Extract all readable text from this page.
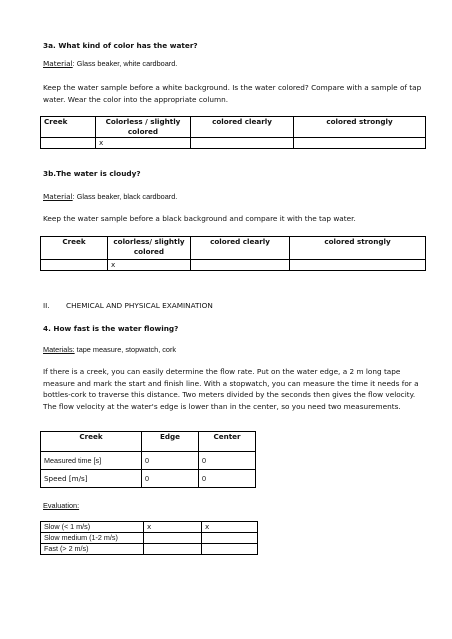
3a. What kind of color has the water?
Material: Glass beaker, white cardboard.
Keep the water sample before a white background. Is the water colored? Compare with a sample of tap water. Wear the color into the appropriate column.
Creek	Colorless / slightly colored	colored clearly	colored strongly
	x		
3b.The water is cloudy?
Material: Glass beaker, black cardboard.
Keep the water sample before a black background and compare it with the tap water.
Creek	colorless/ slightly colored	colored clearly	colored strongly
	x		
II. CHEMICAL AND PHYSICAL EXAMINATION
4. How fast is the water flowing?
Materials: tape measure, stopwatch, cork
If there is a creek, you can easily determine the flow rate. Put on the water edge, a 2 m long tape measure and mark the start and finish line. With a stopwatch, you can measure the time it needs for a bottles-cork to traverse this distance. Two meters divided by the seconds then gives the flow velocity. The flow velocity at the water's edge is lower than in the center, so you need two measurements.
Creek	Edge	Center
Measured time [s]	0	0
Speed [m/s]	0	0
Evaluation:
Slow (< 1 m/s)	x	x
Slow medium (1-2 m/s)		
Fast (> 2 m/s)		
